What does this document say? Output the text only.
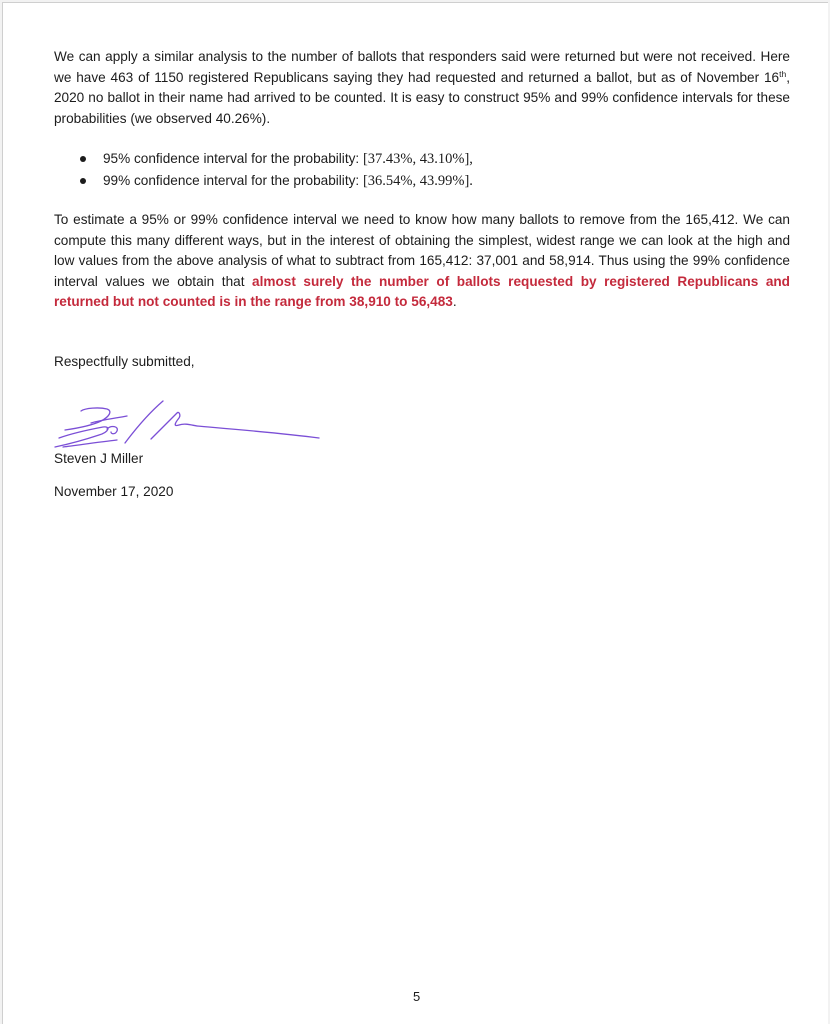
We can apply a similar analysis to the number of ballots that responders said were returned but were not received. Here we have 463 of 1150 registered Republicans saying they had requested and returned a ballot, but as of November 16th, 2020 no ballot in their name had arrived to be counted. It is easy to construct 95% and 99% confidence intervals for these probabilities (we observed 40.26%).

95% confidence interval for the probability: [37.43%, 43.10%],
99% confidence interval for the probability: [36.54%, 43.99%].

To estimate a 95% or 99% confidence interval we need to know how many ballots to remove from the 165,412. We can compute this many different ways, but in the interest of obtaining the simplest, widest range we can look at the high and low values from the above analysis of what to subtract from 165,412: 37,001 and 58,914. Thus using the 99% confidence interval values we obtain that almost surely the number of ballots requested by registered Republicans and returned but not counted is in the range from 38,910 to 56,483.

Respectfully submitted,
Steven J Miller
November 17, 2020
5
